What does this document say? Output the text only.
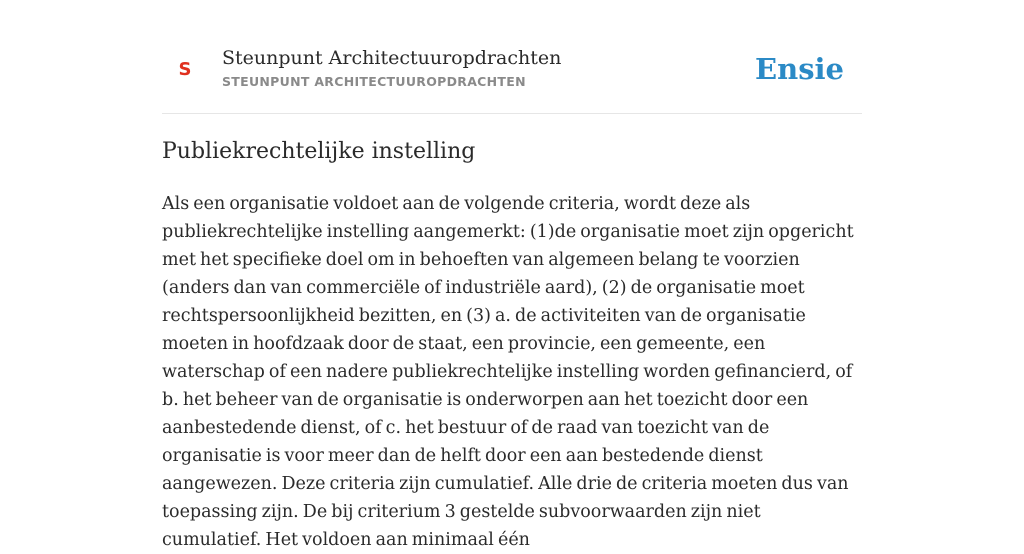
S
Steunpunt Architectuuropdrachten
STEUNPUNT ARCHITECTUUROPDRACHTEN	Ensie
Publiekrechtelijke instelling

Als een organisatie voldoet aan de volgende criteria, wordt deze als publiekrechtelijke instelling aangemerkt: (1)de organisatie moet zijn opgericht met het specifieke doel om in behoeften van algemeen belang te voorzien (anders dan van commerciële of industriële aard), (2) de organisatie moet rechtspersoonlijkheid bezitten, en (3) a. de activiteiten van de organisatie moeten in hoofdzaak door de staat, een provincie, een gemeente, een waterschap of een nadere publiekrechtelijke instelling worden gefinancierd, of b. het beheer van de organisatie is onderworpen aan het toezicht door een aanbestedende dienst, of c. het bestuur of de raad van toezicht van de organisatie is voor meer dan de helft door een aan bestedende dienst aangewezen. Deze criteria zijn cumulatief. Alle drie de criteria moeten dus van toepassing zijn. De bij criterium 3 gestelde subvoorwaarden zijn niet cumulatief. Het voldoen aan minimaal één
